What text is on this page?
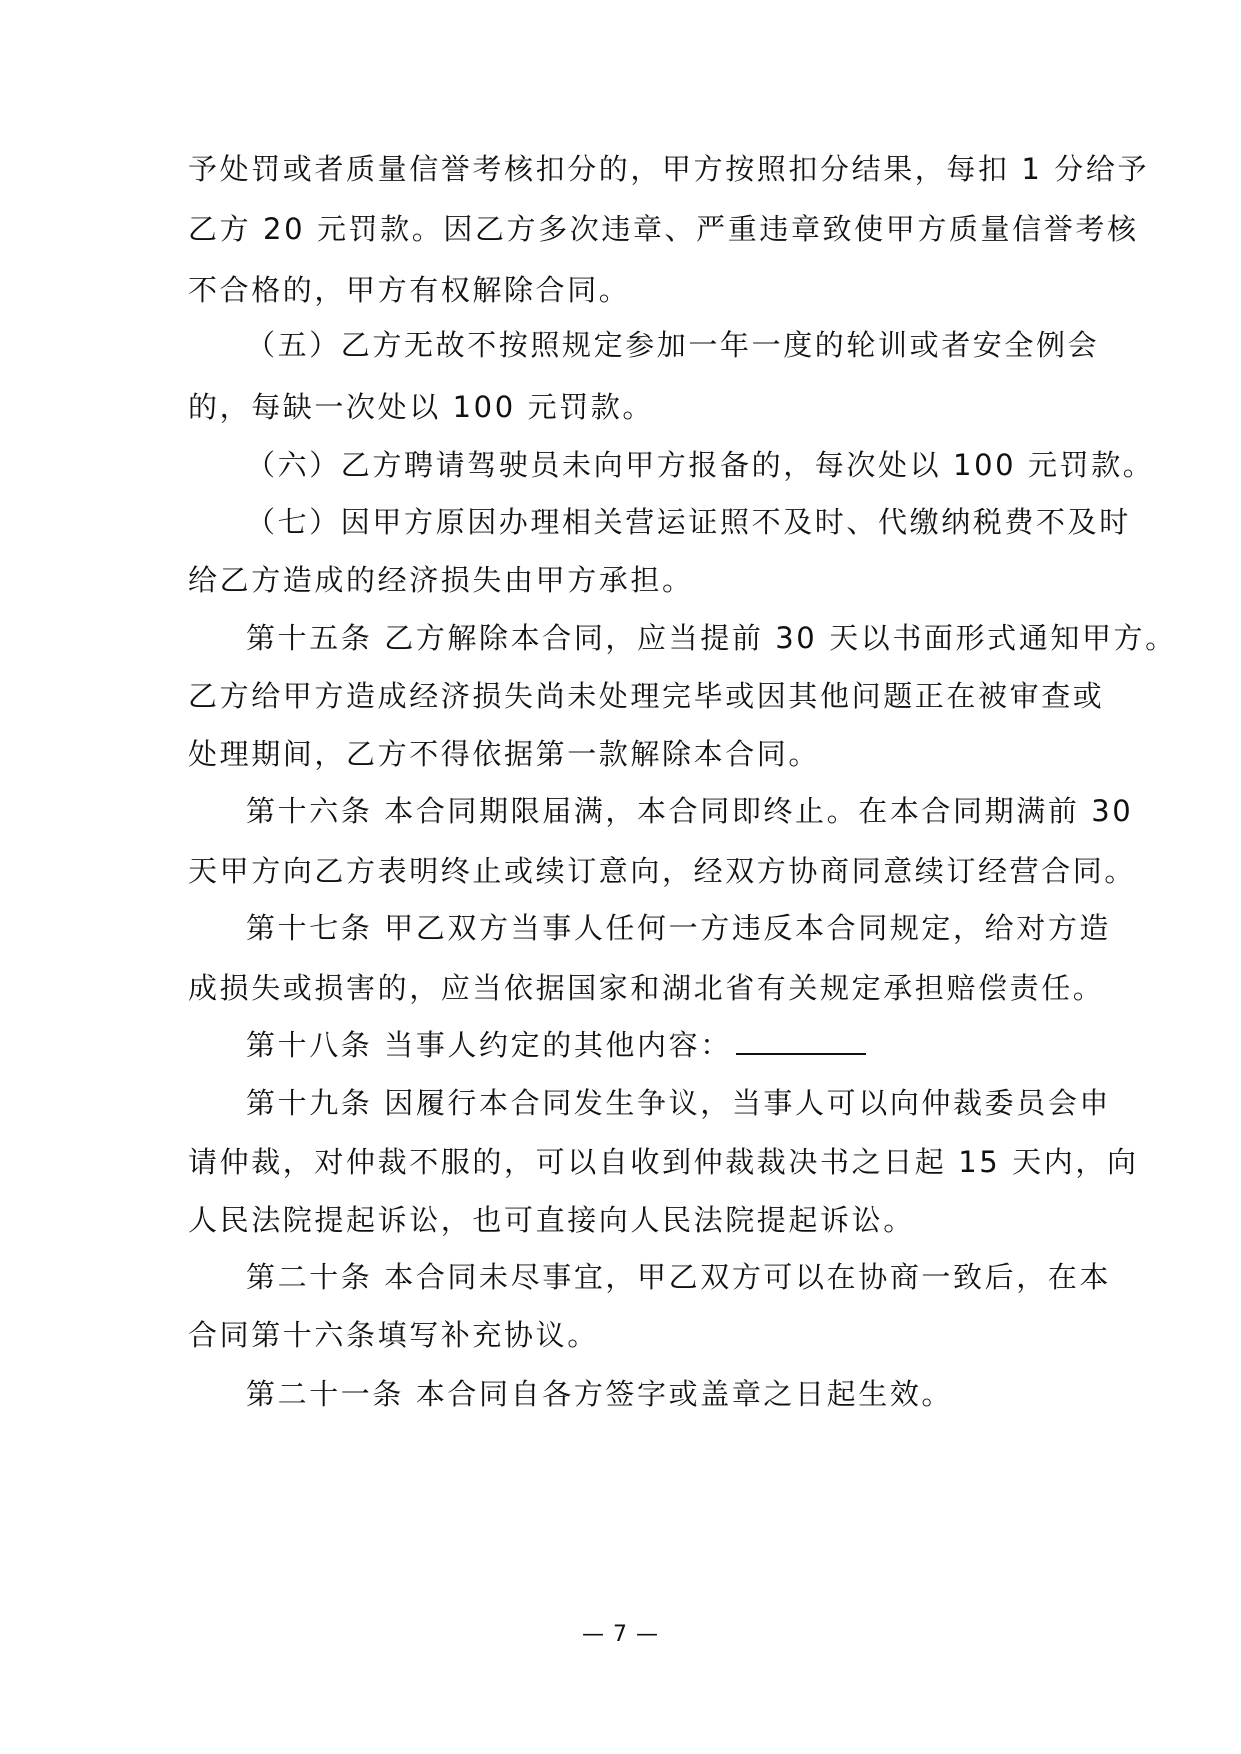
予处罚或者质量信誉考核扣分的，甲方按照扣分结果，每扣 1 分给予
乙方 20 元罚款。因乙方多次违章、严重违章致使甲方质量信誉考核
不合格的，甲方有权解除合同。
（五）乙方无故不按照规定参加一年一度的轮训或者安全例会
的，每缺一次处以 100 元罚款。
（六）乙方聘请驾驶员未向甲方报备的，每次处以 100 元罚款。
（七）因甲方原因办理相关营运证照不及时、代缴纳税费不及时
给乙方造成的经济损失由甲方承担。
第十五条 乙方解除本合同，应当提前 30 天以书面形式通知甲方。
乙方给甲方造成经济损失尚未处理完毕或因其他问题正在被审查或
处理期间，乙方不得依据第一款解除本合同。
第十六条 本合同期限届满，本合同即终止。在本合同期满前 30
天甲方向乙方表明终止或续订意向，经双方协商同意续订经营合同。
第十七条 甲乙双方当事人任何一方违反本合同规定，给对方造
成损失或损害的，应当依据国家和湖北省有关规定承担赔偿责任。
第十八条 当事人约定的其他内容：
第十九条 因履行本合同发生争议，当事人可以向仲裁委员会申
请仲裁，对仲裁不服的，可以自收到仲裁裁决书之日起 15 天内，向
人民法院提起诉讼，也可直接向人民法院提起诉讼。
第二十条 本合同未尽事宜，甲乙双方可以在协商一致后，在本
合同第十六条填写补充协议。
第二十一条 本合同自各方签字或盖章之日起生效。
— 7 —
